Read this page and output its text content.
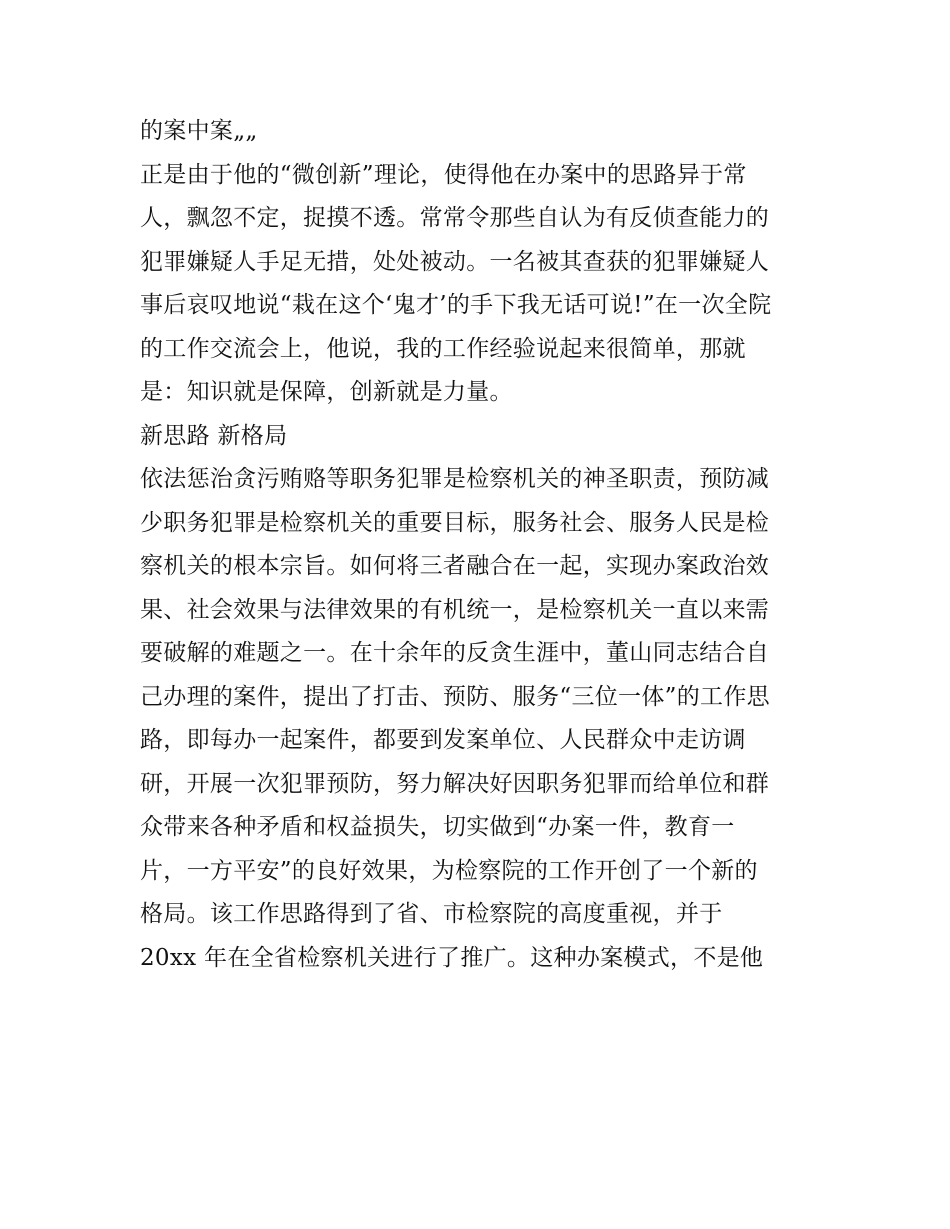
的案中案„„
正是由于他的“微创新”理论，使得他在办案中的思路异于常
人，飘忽不定，捉摸不透。常常令那些自认为有反侦查能力的
犯罪嫌疑人手足无措，处处被动。一名被其查获的犯罪嫌疑人
事后哀叹地说“栽在这个‘鬼才’的手下我无话可说!”在一次全院
的工作交流会上，他说，我的工作经验说起来很简单，那就
是：知识就是保障，创新就是力量。
新思路 新格局
依法惩治贪污贿赂等职务犯罪是检察机关的神圣职责，预防减
少职务犯罪是检察机关的重要目标，服务社会、服务人民是检
察机关的根本宗旨。如何将三者融合在一起，实现办案政治效
果、社会效果与法律效果的有机统一，是检察机关一直以来需
要破解的难题之一。在十余年的反贪生涯中，董山同志结合自
己办理的案件，提出了打击、预防、服务“三位一体”的工作思
路，即每办一起案件，都要到发案单位、人民群众中走访调
研，开展一次犯罪预防，努力解决好因职务犯罪而给单位和群
众带来各种矛盾和权益损失，切实做到“办案一件，教育一
片，一方平安”的良好效果，为检察院的工作开创了一个新的
格局。该工作思路得到了省、市检察院的高度重视，并于
20xx 年在全省检察机关进行了推广。这种办案模式，不是他
